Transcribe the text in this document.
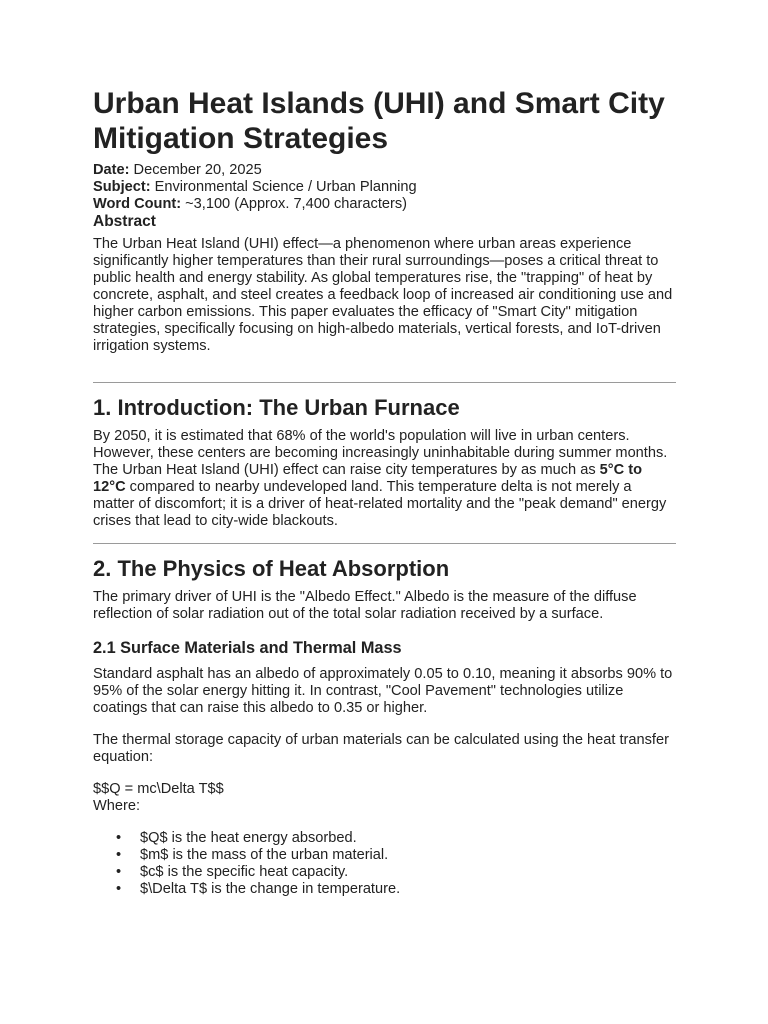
Urban Heat Islands (UHI) and Smart City Mitigation Strategies

Date: December 20, 2025

Subject: Environmental Science / Urban Planning

Word Count: ~3,100 (Approx. 7,400 characters)

Abstract

The Urban Heat Island (UHI) effect—a phenomenon where urban areas experience significantly higher temperatures than their rural surroundings—poses a critical threat to public health and energy stability. As global temperatures rise, the "trapping" of heat by concrete, asphalt, and steel creates a feedback loop of increased air conditioning use and higher carbon emissions. This paper evaluates the efficacy of "Smart City" mitigation strategies, specifically focusing on high-albedo materials, vertical forests, and IoT-driven irrigation systems.

1. Introduction: The Urban Furnace

By 2050, it is estimated that 68% of the world's population will live in urban centers. However, these centers are becoming increasingly uninhabitable during summer months. The Urban Heat Island (UHI) effect can raise city temperatures by as much as 5°C to 12°C compared to nearby undeveloped land. This temperature delta is not merely a matter of discomfort; it is a driver of heat-related mortality and the "peak demand" energy crises that lead to city-wide blackouts.

2. The Physics of Heat Absorption

The primary driver of UHI is the "Albedo Effect." Albedo is the measure of the diffuse reflection of solar radiation out of the total solar radiation received by a surface.

2.1 Surface Materials and Thermal Mass

Standard asphalt has an albedo of approximately 0.05 to 0.10, meaning it absorbs 90% to 95% of the solar energy hitting it. In contrast, "Cool Pavement" technologies utilize coatings that can raise this albedo to 0.35 or higher.

The thermal storage capacity of urban materials can be calculated using the heat transfer equation:

$$Q = mc\Delta T$$

Where:

• $Q$ is the heat energy absorbed.
• $m$ is the mass of the urban material.
• $c$ is the specific heat capacity.
• $\Delta T$ is the change in temperature.
